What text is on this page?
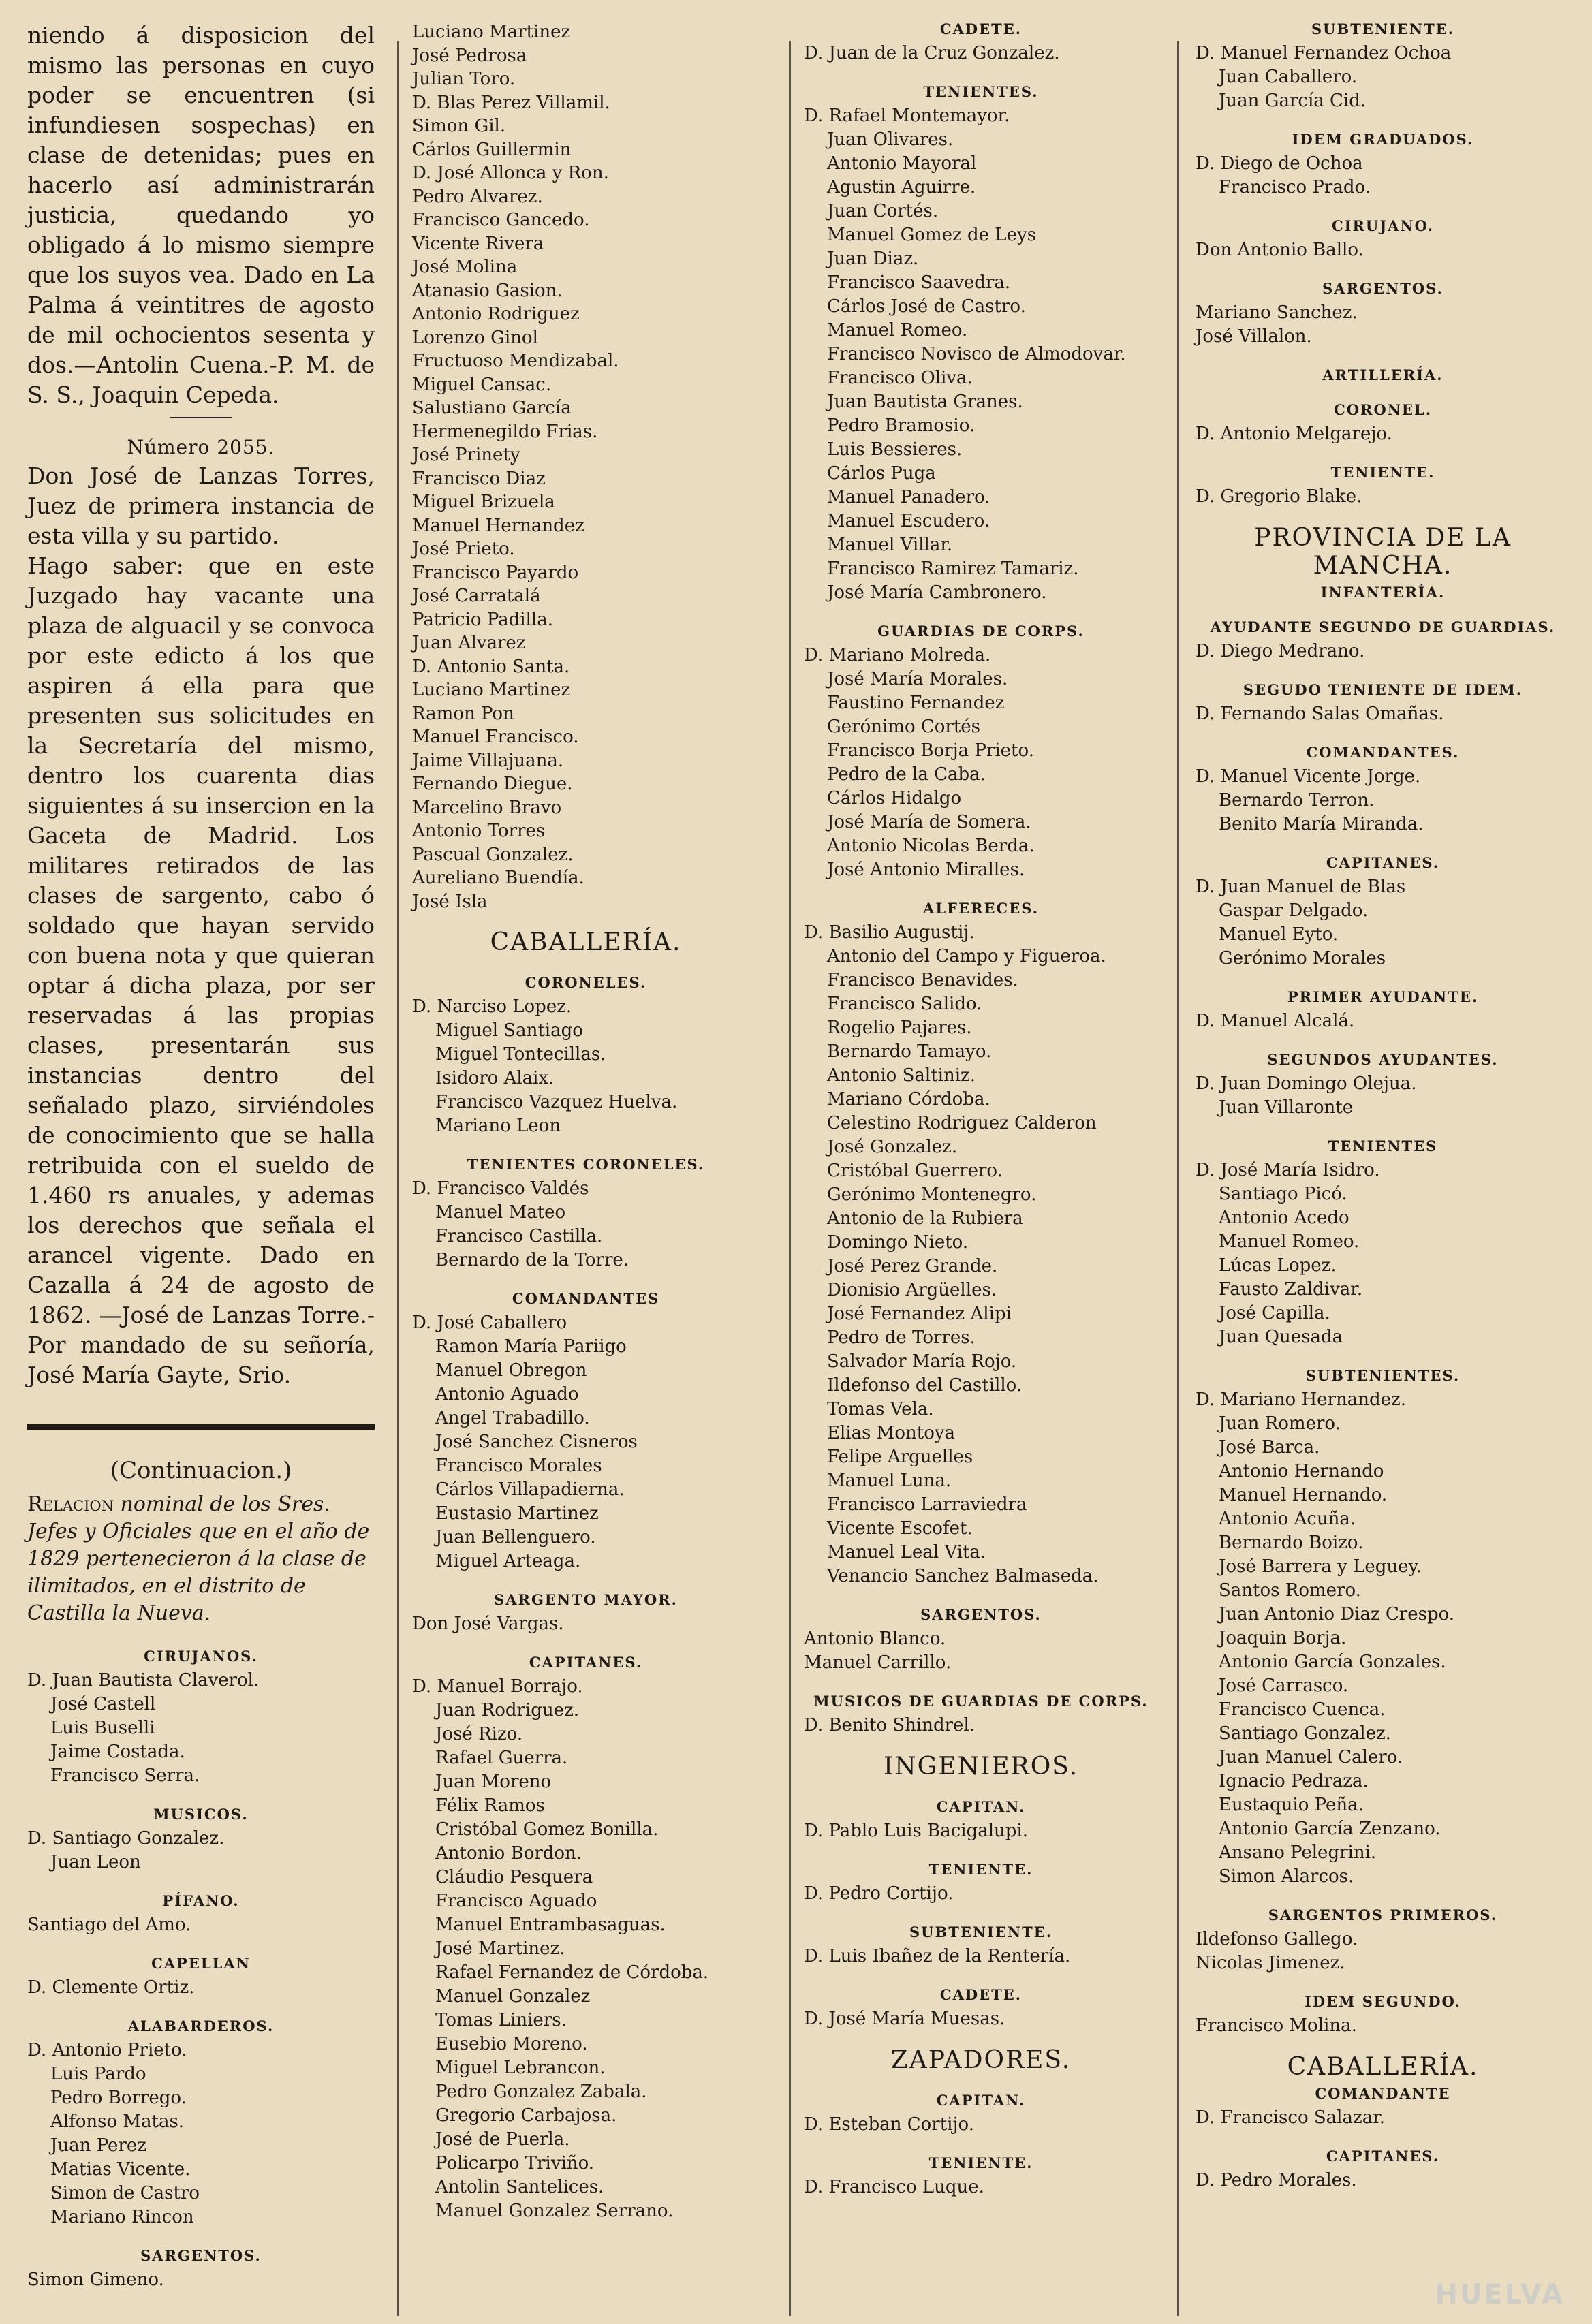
niendo á disposicion del mismo las personas en cuyo poder se encuentren (si infundiesen sospechas) en clase de detenidas; pues en hacerlo así administrarán justicia, quedando yo obligado á lo mismo siempre que los suyos vea. Dado en La Palma á veintitres de agosto de mil ochocientos sesenta y dos.—Antolin Cuena.-P. M. de S. S., Joaquin Cepeda.

Número 2055.

Don José de Lanzas Torres, Juez de primera instancia de esta villa y su partido.

Hago saber: que en este Juzgado hay vacante una plaza de alguacil y se convoca por este edicto á los que aspiren á ella para que presenten sus solicitudes en la Secretaría del mismo, dentro los cuarenta dias siguientes á su insercion en la Gaceta de Madrid. Los militares retirados de las clases de sargento, cabo ó soldado que hayan servido con buena nota y que quieran optar á dicha plaza, por ser reservadas á las propias clases, presentarán sus instancias dentro del señalado plazo, sirviéndoles de conocimiento que se halla retribuida con el sueldo de 1.460 rs anuales, y ademas los derechos que señala el arancel vigente. Dado en Cazalla á 24 de agosto de 1862. —José de Lanzas Torre.-Por mandado de su señoría, José María Gayte, Srio.

(Continuacion.)

Relacion nominal de los Sres. Jefes y Oficiales que en el año de 1829 pertenecieron á la clase de ilimitados, en el distrito de Castilla la Nueva.

CIRUJANOS.
D. Juan Bautista Claverol.
José Castell
Luis Buselli
Jaime Costada.
Francisco Serra.
MUSICOS.
D. Santiago Gonzalez.
Juan Leon
PÍFANO.
Santiago del Amo.
CAPELLAN
D. Clemente Ortiz.
ALABARDEROS.
D. Antonio Prieto.
Luis Pardo
Pedro Borrego.
Alfonso Matas.
Juan Perez
Matias Vicente.
Simon de Castro
Mariano Rincon
SARGENTOS.
Simon Gimeno.
Luciano Martinez
José Pedrosa
Julian Toro.
D. Blas Perez Villamil.
Simon Gil.
Cárlos Guillermin
D. José Allonca y Ron.
Pedro Alvarez.
Francisco Gancedo.
Vicente Rivera
José Molina
Atanasio Gasion.
Antonio Rodriguez
Lorenzo Ginol
Fructuoso Mendizabal.
Miguel Cansac.
Salustiano García
Hermenegildo Frias.
José Prinety
Francisco Diaz
Miguel Brizuela
Manuel Hernandez
José Prieto.
Francisco Payardo
José Carratalá
Patricio Padilla.
Juan Alvarez
D. Antonio Santa.
Luciano Martinez
Ramon Pon
Manuel Francisco.
Jaime Villajuana.
Fernando Diegue.
Marcelino Bravo
Antonio Torres
Pascual Gonzalez.
Aureliano Buendía.
José Isla
CABALLERÍA.
CORONELES.
D. Narciso Lopez.
Miguel Santiago
Miguel Tontecillas.
Isidoro Alaix.
Francisco Vazquez Huelva.
Mariano Leon
TENIENTES CORONELES.
D. Francisco Valdés
Manuel Mateo
Francisco Castilla.
Bernardo de la Torre.
COMANDANTES
D. José Caballero
Ramon María Pariigo
Manuel Obregon
Antonio Aguado
Angel Trabadillo.
José Sanchez Cisneros
Francisco Morales
Cárlos Villapadierna.
Eustasio Martinez
Juan Bellenguero.
Miguel Arteaga.
SARGENTO MAYOR.
Don José Vargas.
CAPITANES.
D. Manuel Borrajo.
Juan Rodriguez.
José Rizo.
Rafael Guerra.
Juan Moreno
Félix Ramos
Cristóbal Gomez Bonilla.
Antonio Bordon.
Cláudio Pesquera
Francisco Aguado
Manuel Entrambasaguas.
José Martinez.
Rafael Fernandez de Córdoba.
Manuel Gonzalez
Tomas Liniers.
Eusebio Moreno.
Miguel Lebrancon.
Pedro Gonzalez Zabala.
Gregorio Carbajosa.
José de Puerla.
Policarpo Triviño.
Antolin Santelices.
Manuel Gonzalez Serrano.
CADETE.
D. Juan de la Cruz Gonzalez.
TENIENTES.
D. Rafael Montemayor.
Juan Olivares.
Antonio Mayoral
Agustin Aguirre.
Juan Cortés.
Manuel Gomez de Leys
Juan Diaz.
Francisco Saavedra.
Cárlos José de Castro.
Manuel Romeo.
Francisco Novisco de Almodovar.
Francisco Oliva.
Juan Bautista Granes.
Pedro Bramosio.
Luis Bessieres.
Cárlos Puga
Manuel Panadero.
Manuel Escudero.
Manuel Villar.
Francisco Ramirez Tamariz.
José María Cambronero.
GUARDIAS DE CORPS.
D. Mariano Molreda.
José María Morales.
Faustino Fernandez
Gerónimo Cortés
Francisco Borja Prieto.
Pedro de la Caba.
Cárlos Hidalgo
José María de Somera.
Antonio Nicolas Berda.
José Antonio Miralles.
ALFERECES.
D. Basilio Augustij.
Antonio del Campo y Figueroa.
Francisco Benavides.
Francisco Salido.
Rogelio Pajares.
Bernardo Tamayo.
Antonio Saltiniz.
Mariano Córdoba.
Celestino Rodriguez Calderon
José Gonzalez.
Cristóbal Guerrero.
Gerónimo Montenegro.
Antonio de la Rubiera
Domingo Nieto.
José Perez Grande.
Dionisio Argüelles.
José Fernandez Alipi
Pedro de Torres.
Salvador María Rojo.
Ildefonso del Castillo.
Tomas Vela.
Elias Montoya
Felipe Arguelles
Manuel Luna.
Francisco Larraviedra
Vicente Escofet.
Manuel Leal Vita.
Venancio Sanchez Balmaseda.
SARGENTOS.
Antonio Blanco.
Manuel Carrillo.
MUSICOS DE GUARDIAS DE CORPS.
D. Benito Shindrel.
INGENIEROS.
CAPITAN.
D. Pablo Luis Bacigalupi.
TENIENTE.
D. Pedro Cortijo.
SUBTENIENTE.
D. Luis Ibañez de la Rentería.
CADETE.
D. José María Muesas.
ZAPADORES.
CAPITAN.
D. Esteban Cortijo.
TENIENTE.
D. Francisco Luque.
SUBTENIENTE.
D. Manuel Fernandez Ochoa
Juan Caballero.
Juan García Cid.
IDEM GRADUADOS.
D. Diego de Ochoa
Francisco Prado.
CIRUJANO.
Don Antonio Ballo.
SARGENTOS.
Mariano Sanchez.
José Villalon.
ARTILLERÍA.
CORONEL.
D. Antonio Melgarejo.
TENIENTE.
D. Gregorio Blake.
PROVINCIA DE LA MANCHA.
INFANTERÍA.
AYUDANTE SEGUNDO DE GUARDIAS.
D. Diego Medrano.
SEGUDO TENIENTE DE IDEM.
D. Fernando Salas Omañas.
COMANDANTES.
D. Manuel Vicente Jorge.
Bernardo Terron.
Benito María Miranda.
CAPITANES.
D. Juan Manuel de Blas
Gaspar Delgado.
Manuel Eyto.
Gerónimo Morales
PRIMER AYUDANTE.
D. Manuel Alcalá.
SEGUNDOS AYUDANTES.
D. Juan Domingo Olejua.
Juan Villaronte
TENIENTES
D. José María Isidro.
Santiago Picó.
Antonio Acedo
Manuel Romeo.
Lúcas Lopez.
Fausto Zaldivar.
José Capilla.
Juan Quesada
SUBTENIENTES.
D. Mariano Hernandez.
Juan Romero.
José Barca.
Antonio Hernando
Manuel Hernando.
Antonio Acuña.
Bernardo Boizo.
José Barrera y Leguey.
Santos Romero.
Juan Antonio Diaz Crespo.
Joaquin Borja.
Antonio García Gonzales.
José Carrasco.
Francisco Cuenca.
Santiago Gonzalez.
Juan Manuel Calero.
Ignacio Pedraza.
Eustaquio Peña.
Antonio García Zenzano.
Ansano Pelegrini.
Simon Alarcos.
SARGENTOS PRIMEROS.
Ildefonso Gallego.
Nicolas Jimenez.
IDEM SEGUNDO.
Francisco Molina.
CABALLERÍA.
COMANDANTE
D. Francisco Salazar.
CAPITANES.
D. Pedro Morales.
HUELVA
